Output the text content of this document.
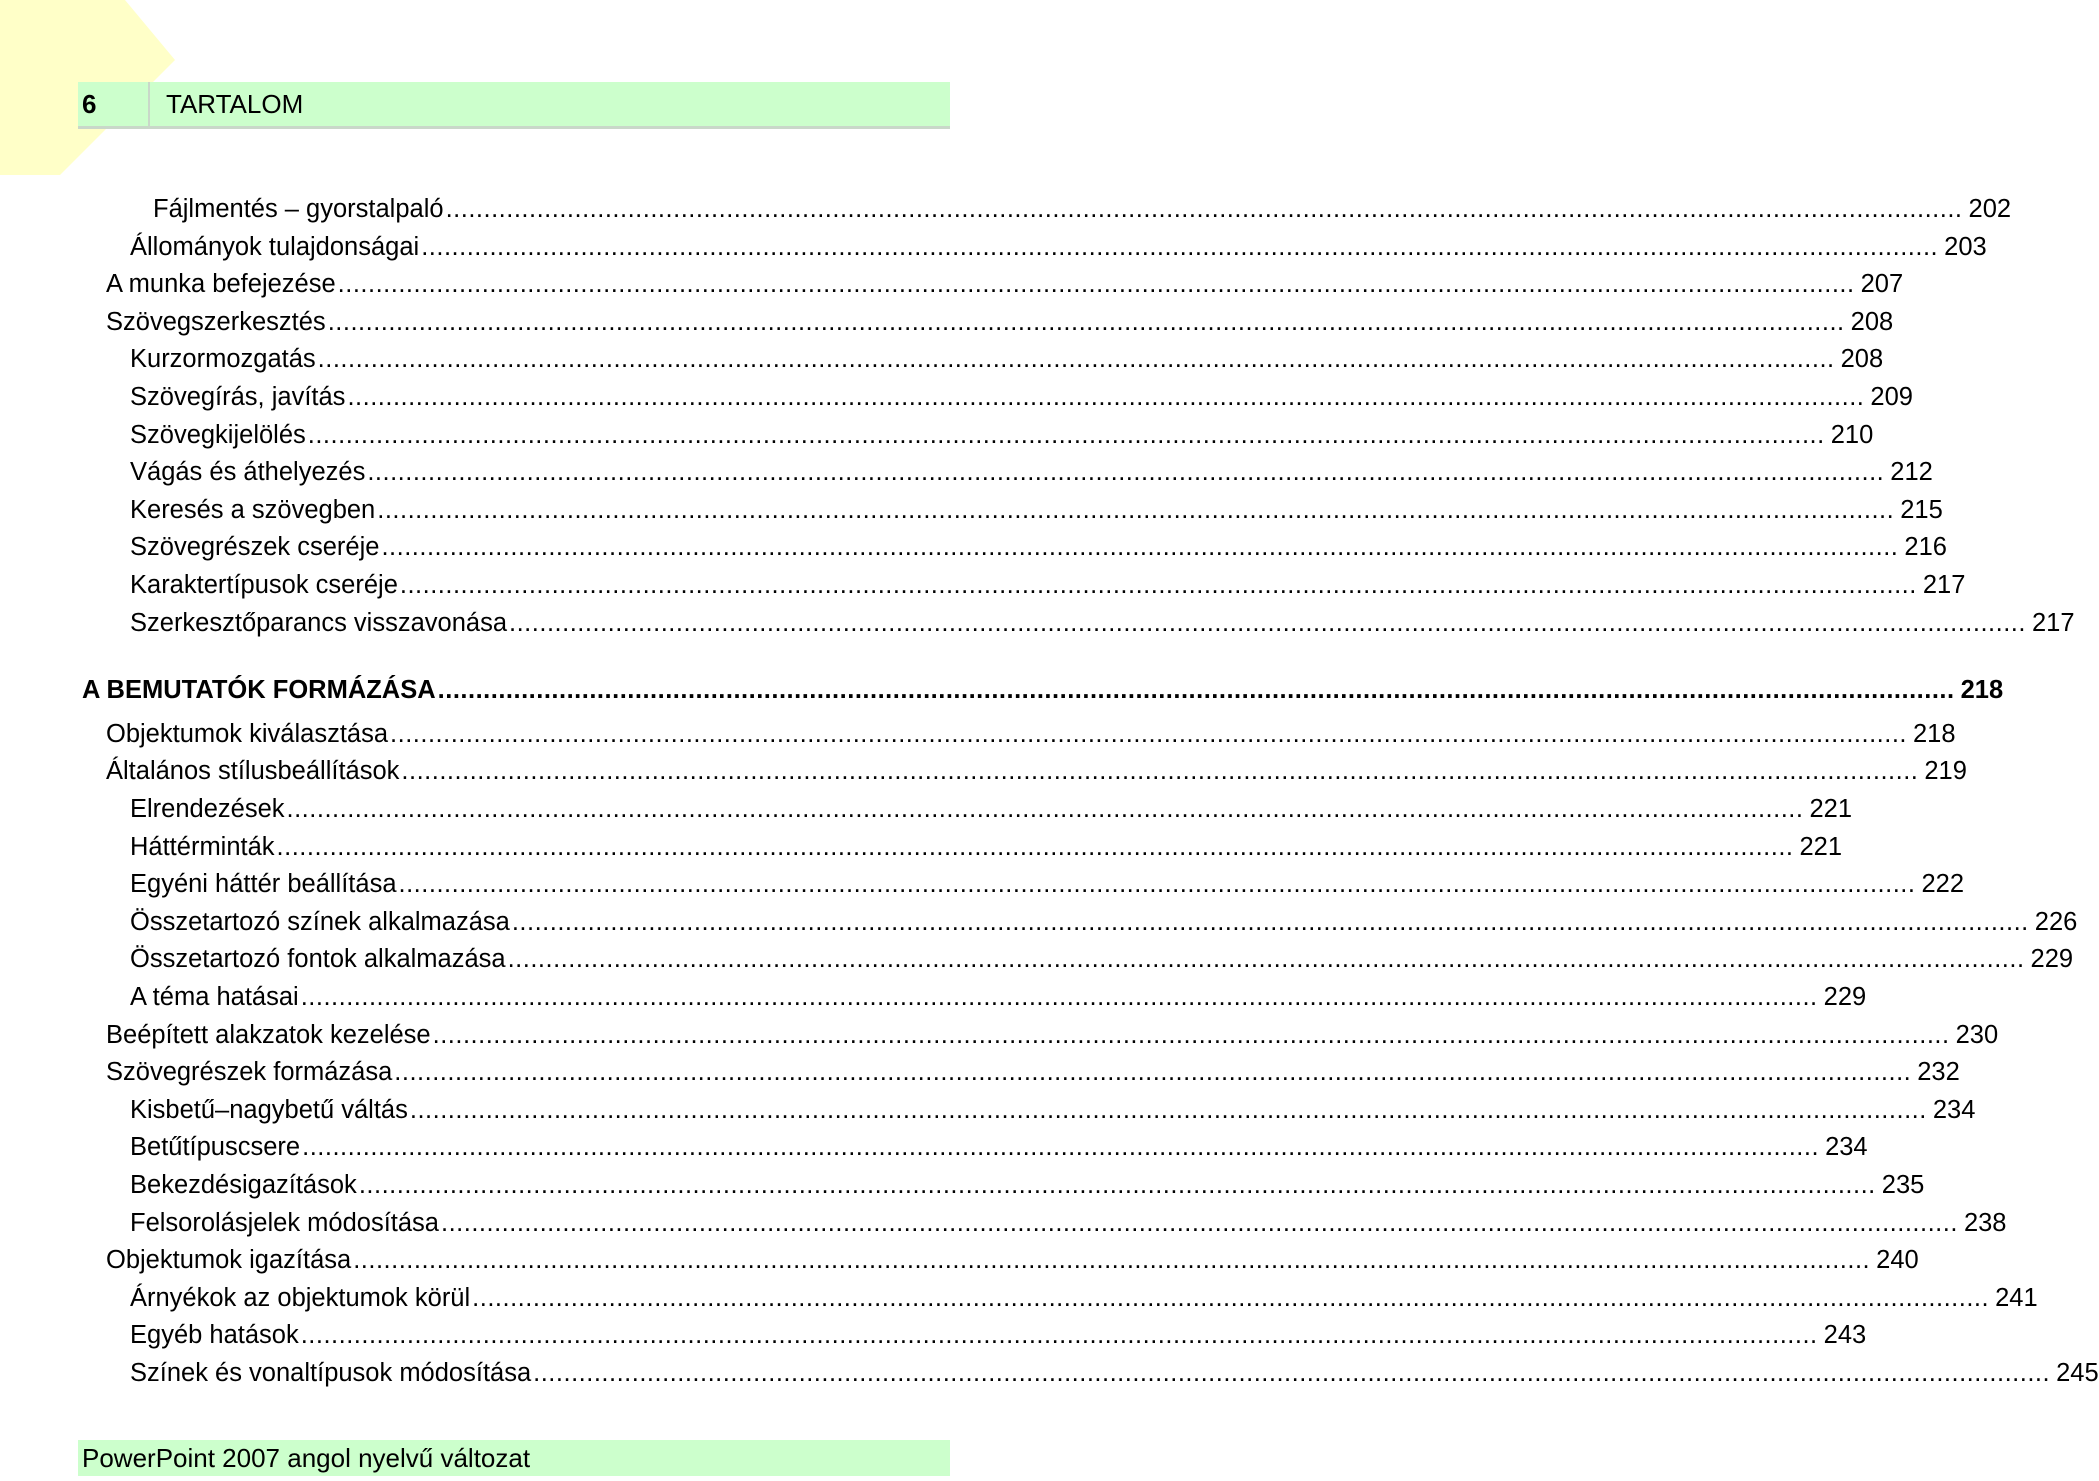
6	TARTALOM
Fájlmentés – gyorstalpaló ........................................................................................................................................................................................................ 202
Állományok tulajdonságai ........................................................................................................................................................................................................ 203
A munka befejezése ........................................................................................................................................................................................................ 207
Szövegszerkesztés ........................................................................................................................................................................................................ 208
Kurzormozgatás ........................................................................................................................................................................................................ 208
Szövegírás, javítás ........................................................................................................................................................................................................ 209
Szövegkijelölés ........................................................................................................................................................................................................ 210
Vágás és áthelyezés ........................................................................................................................................................................................................ 212
Keresés a szövegben ........................................................................................................................................................................................................ 215
Szövegrészek cseréje ........................................................................................................................................................................................................ 216
Karaktertípusok cseréje ........................................................................................................................................................................................................ 217
Szerkesztőparancs visszavonása ........................................................................................................................................................................................................ 217
A BEMUTATÓK FORMÁZÁSA ........................................................................................................................................................................................................ 218
Objektumok kiválasztása ........................................................................................................................................................................................................ 218
Általános stílusbeállítások ........................................................................................................................................................................................................ 219
Elrendezések ........................................................................................................................................................................................................ 221
Háttérminták ........................................................................................................................................................................................................ 221
Egyéni háttér beállítása ........................................................................................................................................................................................................ 222
Összetartozó színek alkalmazása ........................................................................................................................................................................................................ 226
Összetartozó fontok alkalmazása ........................................................................................................................................................................................................ 229
A téma hatásai ........................................................................................................................................................................................................ 229
Beépített alakzatok kezelése ........................................................................................................................................................................................................ 230
Szövegrészek formázása ........................................................................................................................................................................................................ 232
Kisbetű–nagybetű váltás ........................................................................................................................................................................................................ 234
Betűtípuscsere ........................................................................................................................................................................................................ 234
Bekezdésigazítások ........................................................................................................................................................................................................ 235
Felsorolásjelek módosítása ........................................................................................................................................................................................................ 238
Objektumok igazítása ........................................................................................................................................................................................................ 240
Árnyékok az objektumok körül ........................................................................................................................................................................................................ 241
Egyéb hatások ........................................................................................................................................................................................................ 243
Színek és vonaltípusok módosítása ........................................................................................................................................................................................................ 245
PowerPoint 2007 angol nyelvű változat
